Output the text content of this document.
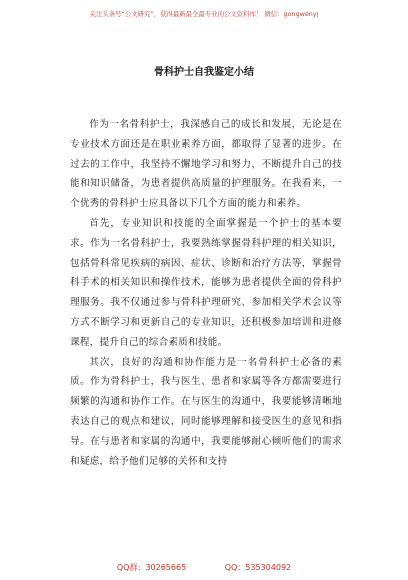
关注头条号“公文研究”，获得最新最全最专业的公文资料库！ 微信：gongwenyj
骨科护士自我鉴定小结

作为一名骨科护士，我深感自己的成长和发展，无论是在专业技术方面还是在职业素养方面，都取得了显著的进步。在过去的工作中，我坚持不懈地学习和努力，不断提升自己的技能和知识储备，为患者提供高质量的护理服务。在我看来，一个优秀的骨科护士应具备以下几个方面的能力和素养。

首先，专业知识和技能的全面掌握是一个护士的基本要求。作为一名骨科护士，我要熟练掌握骨科护理的相关知识，包括骨科常见疾病的病因、症状、诊断和治疗方法等，掌握骨科手术的相关知识和操作技术，能够为患者提供全面的骨科护理服务。我不仅通过参与骨科护理研究、参加相关学术会议等方式不断学习和更新自己的专业知识，还积极参加培训和进修课程，提升自己的综合素质和技能。

其次，良好的沟通和协作能力是一名骨科护士必备的素质。作为骨科护士，我与医生、患者和家属等各方都需要进行频繁的沟通和协作工作。在与医生的沟通中，我要能够清晰地表达自己的观点和建议，同时能够理解和接受医生的意见和指导。在与患者和家属的沟通中，我要能够耐心倾听他们的需求和疑虑，给予他们足够的关怀和支持

QQ群：30265665	QQ：535304092
